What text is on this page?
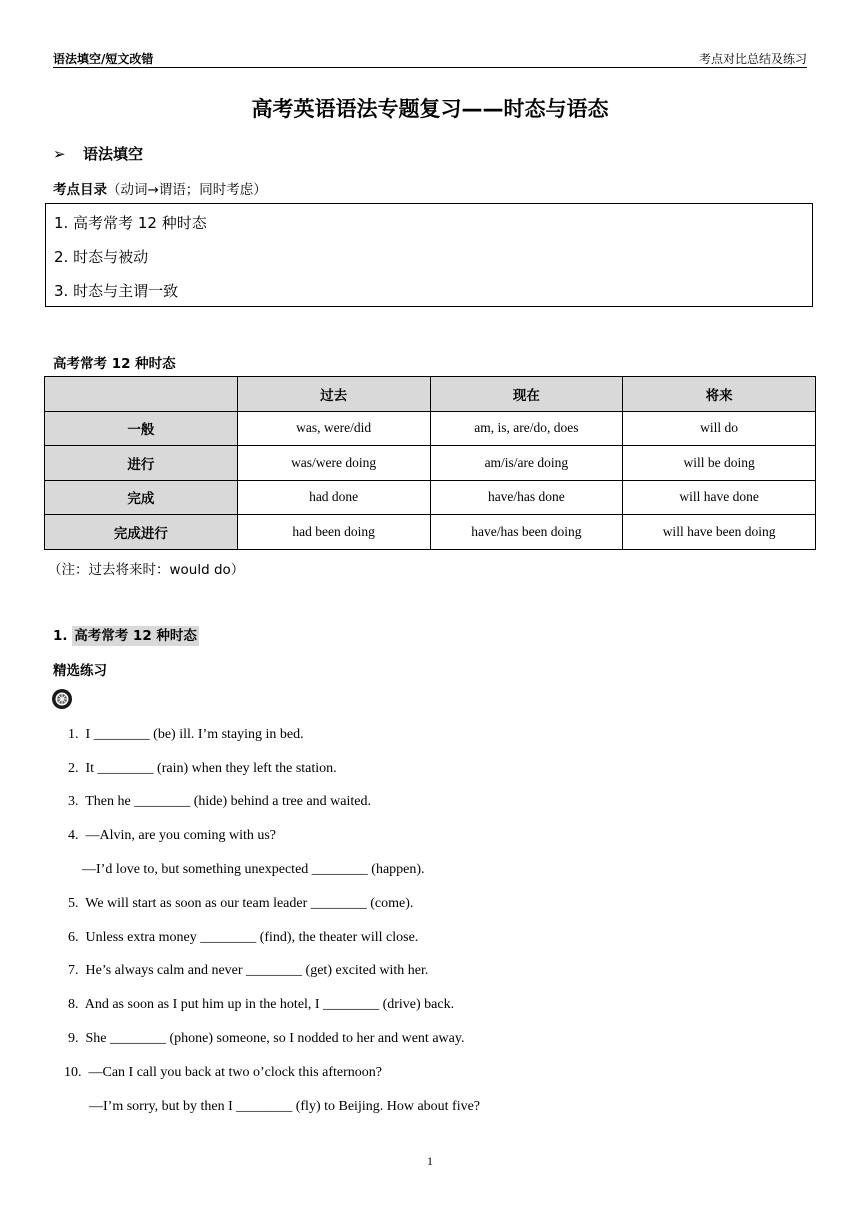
语法填空/短文改错	考点对比总结及练习
高考英语语法专题复习——时态与语态
➢ 语法填空
考点目录（动词→谓语；同时考虑）
1. 高考常考 12 种时态
2. 时态与被动
3. 时态与主谓一致
高考常考 12 种时态
	过去	现在	将来
一般	was, were/did	am, is, are/do, does	will do
进行	was/were doing	am/is/are doing	will be doing
完成	had done	have/has done	will have done
完成进行	had been doing	have/has been doing	will have been doing
（注：过去将来时：would do）
1. 高考常考 12 种时态
精选练习
1.  I ________ (be) ill. I’m staying in bed.
2.  It ________ (rain) when they left the station.
3.  Then he ________ (hide) behind a tree and waited.
4.  —Alvin, are you coming with us?
—I’d love to, but something unexpected ________ (happen).
5.  We will start as soon as our team leader ________ (come).
6.  Unless extra money ________ (find), the theater will close.
7.  He’s always calm and never ________ (get) excited with her.
8.  And as soon as I put him up in the hotel, I ________ (drive) back.
9.  She ________ (phone) someone, so I nodded to her and went away.
10.  —Can I call you back at two o’clock this afternoon?
—I’m sorry, but by then I ________ (fly) to Beijing. How about five?
1
